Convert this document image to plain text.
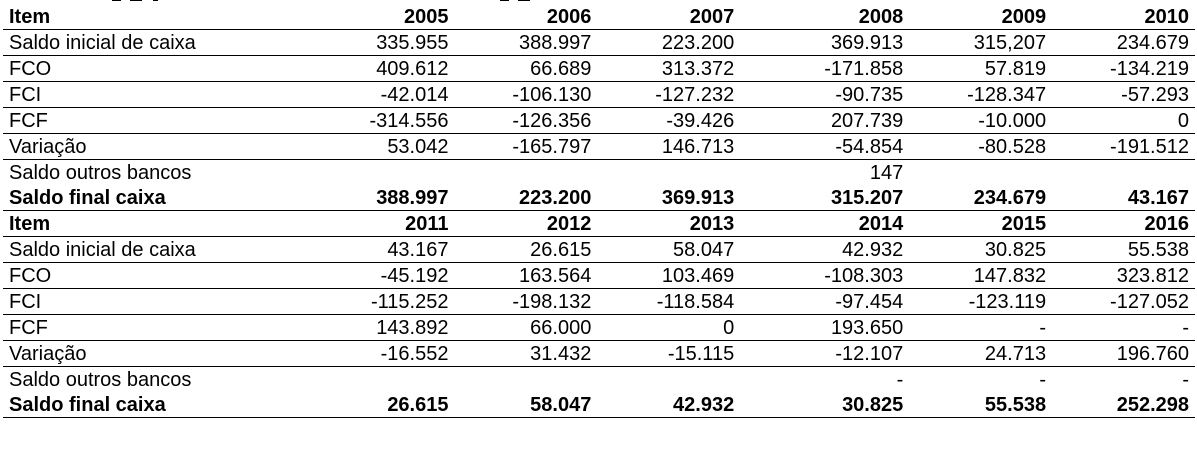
Item	2005	2006	2007	2008	2009	2010
Saldo inicial de caixa	335.955	388.997	223.200	369.913	315,207	234.679
FCO	409.612	66.689	313.372	-171.858	57.819	-134.219
FCI	-42.014	-106.130	-127.232	-90.735	-128.347	-57.293
FCF	-314.556	-126.356	-39.426	207.739	-10.000	0
Variação	53.042	-165.797	146.713	-54.854	-80.528	-191.512
Saldo outros bancos				147		
Saldo final caixa	388.997	223.200	369.913	315.207	234.679	43.167
Item	2011	2012	2013	2014	2015	2016
Saldo inicial de caixa	43.167	26.615	58.047	42.932	30.825	55.538
FCO	-45.192	163.564	103.469	-108.303	147.832	323.812
FCI	-115.252	-198.132	-118.584	-97.454	-123.119	-127.052
FCF	143.892	66.000	0	193.650	-	-
Variação	-16.552	31.432	-15.115	-12.107	24.713	196.760
Saldo outros bancos				-	-	-
Saldo final caixa	26.615	58.047	42.932	30.825	55.538	252.298
